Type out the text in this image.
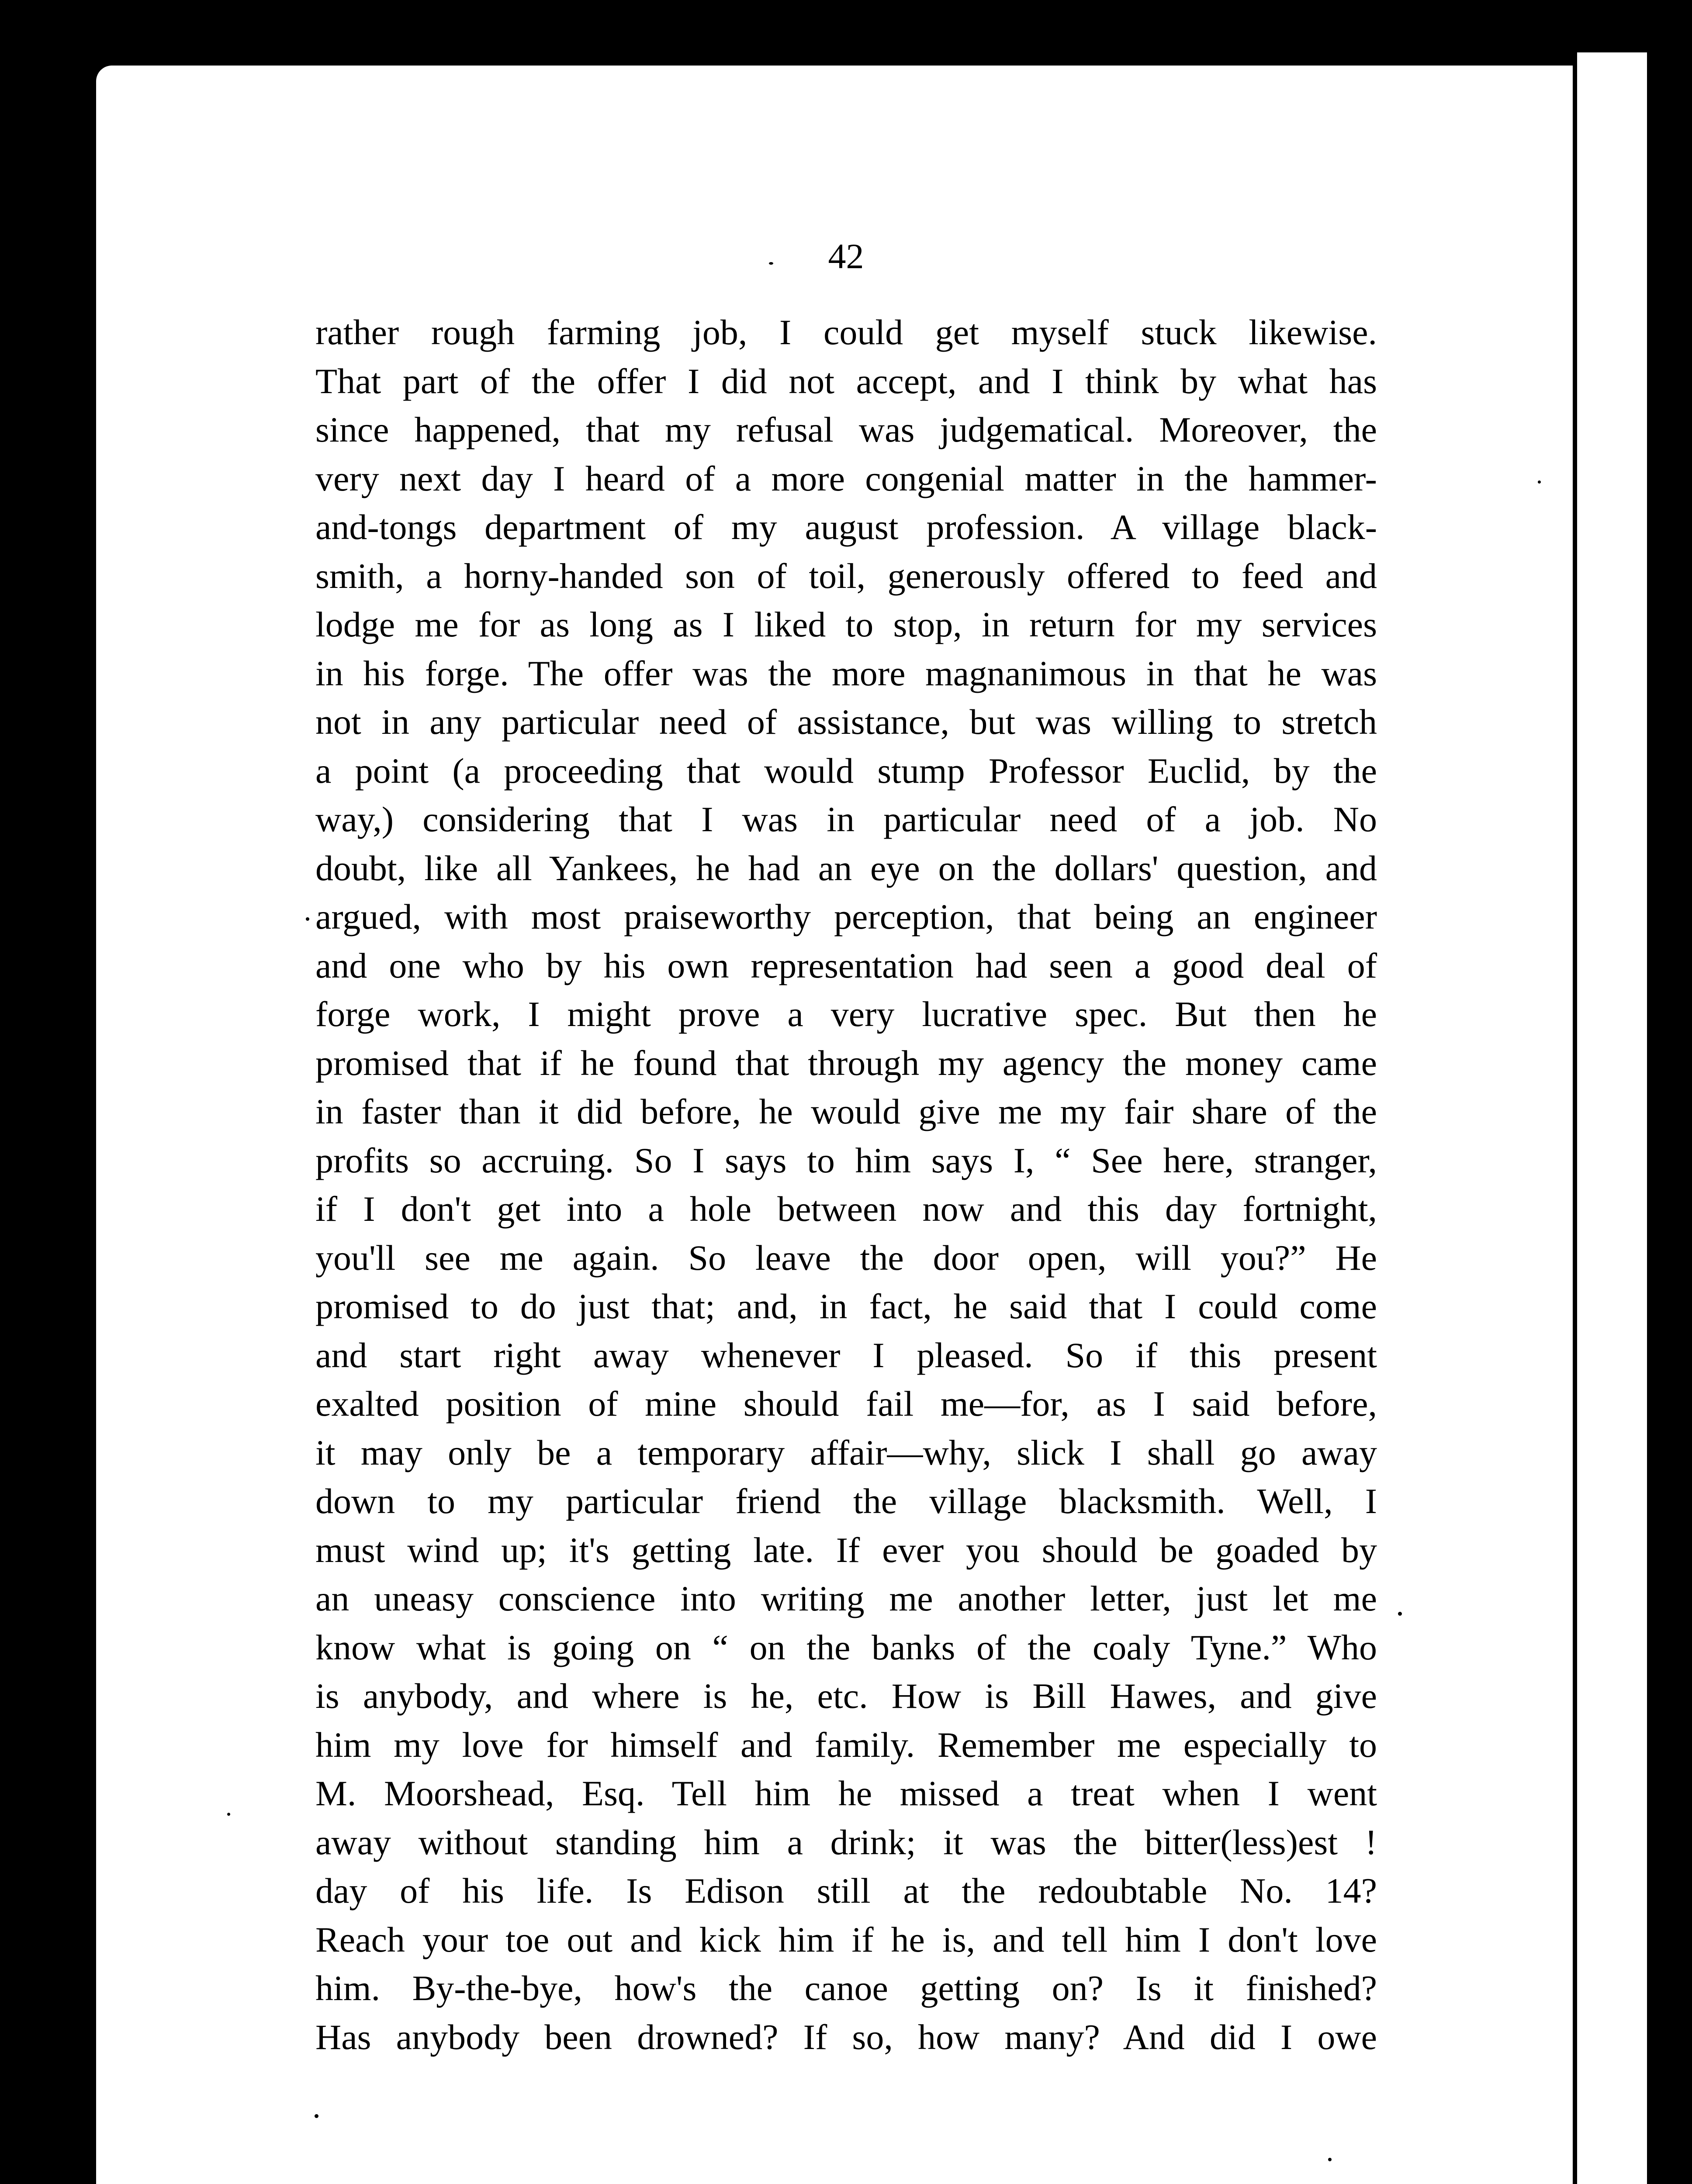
42
rather rough farming job, I could get myself stuck likewise.
That part of the offer I did not accept, and I think by what has
since happened, that my refusal was judgematical. Moreover, the
very next day I heard of a more congenial matter in the hammer-
and-tongs department of my august profession. A village black-
smith, a horny-handed son of toil, generously offered to feed and
lodge me for as long as I liked to stop, in return for my services
in his forge. The offer was the more magnanimous in that he was
not in any particular need of assistance, but was willing to stretch
a point (a proceeding that would stump Professor Euclid, by the
way,) considering that I was in particular need of a job. No
doubt, like all Yankees, he had an eye on the dollars' question, and
argued, with most praiseworthy perception, that being an engineer
and one who by his own representation had seen a good deal of
forge work, I might prove a very lucrative spec. But then he
promised that if he found that through my agency the money came
in faster than it did before, he would give me my fair share of the
profits so accruing. So I says to him says I, “ See here, stranger,
if I don't get into a hole between now and this day fortnight,
you'll see me again. So leave the door open, will you?” He
promised to do just that; and, in fact, he said that I could come
and start right away whenever I pleased. So if this present
exalted position of mine should fail me—for, as I said before,
it may only be a temporary affair—why, slick I shall go away
down to my particular friend the village blacksmith. Well, I
must wind up; it's getting late. If ever you should be goaded by
an uneasy conscience into writing me another letter, just let me
know what is going on “ on the banks of the coaly Tyne.” Who
is anybody, and where is he, etc. How is Bill Hawes, and give
him my love for himself and family. Remember me especially to
M. Moorshead, Esq. Tell him he missed a treat when I went
away without standing him a drink; it was the bitter(less)est !
day of his life. Is Edison still at the redoubtable No. 14?
Reach your toe out and kick him if he is, and tell him I don't love
him. By-the-bye, how's the canoe getting on? Is it finished?
Has anybody been drowned? If so, how many? And did I owe
